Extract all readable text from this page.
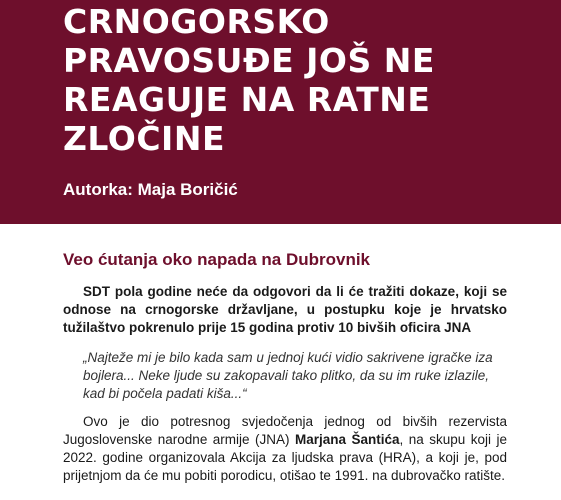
CRNOGORSKO
PRAVOSUĐE JOŠ NE
REAGUJE NA RATNE
ZLOČINE
Autorka: Maja Boričić
Veo ćutanja oko napada na Dubrovnik

SDT pola godine neće da odgovori da li će tražiti dokaze, koji se odnose na crnogorske državljane, u postupku koje je hrvatsko tužilaštvo pokrenulo prije 15 godina protiv 10 bivših oficira JNA

„Najteže mi je bilo kada sam u jednoj kući vidio sakrivene igračke iza bojlera... Neke ljude su zakopavali tako plitko, da su im ruke izlazile, kad bi počela padati kiša...“

Ovo je dio potresnog svjedočenja jednog od bivših rezervista Jugoslovenske narodne armije (JNA) Marjana Šantića, na skupu koji je 2022. godine organizovala Akcija za ljudska prava (HRA), a koji je, pod prijetnjom da će mu pobiti porodicu, otišao te 1991. na dubrovačko ratište.
